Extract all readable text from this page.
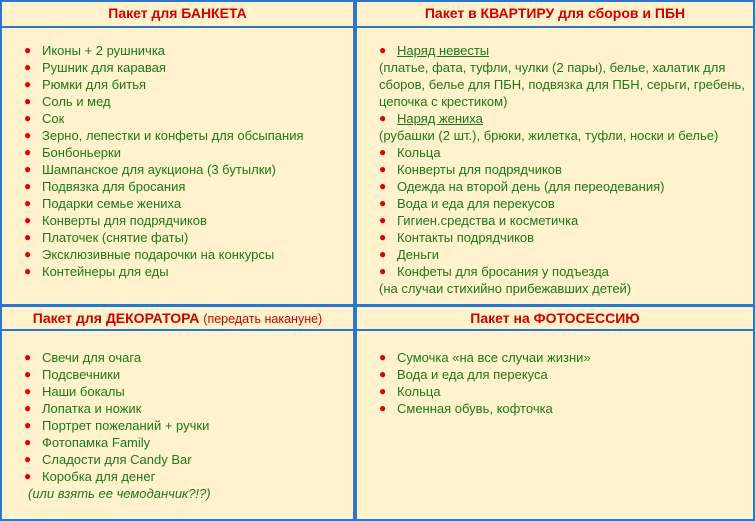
Пакет для БАНКЕТА
● Иконы + 2 рушничка
● Рушник для каравая
● Рюмки для битья
● Соль и мед
● Сок
● Зерно, лепестки и конфеты для обсыпания
● Бонбоньерки
● Шампанское для аукциона (3 бутылки)
● Подвязка для бросания
● Подарки семье жениха
● Конверты для подрядчиков
● Платочек (снятие фаты)
● Эксклюзивные подарочки на конкурсы
● Контейнеры для еды
Пакет в КВАРТИРУ для сборов и ПБН
● Наряд невесты
(платье, фата, туфли, чулки (2 пары), белье, халатик для сборов, белье для ПБН, подвязка для ПБН, серьги, гребень, цепочка с крестиком)
● Наряд жениха
(рубашки (2 шт.), брюки, жилетка, туфли, носки и белье)
● Кольца
● Конверты для подрядчиков
● Одежда на второй день (для переодевания)
● Вода и еда для перекусов
● Гигиен.средства и косметичка
● Контакты подрядчиков
● Деньги
● Конфеты для бросания у подъезда
(на случаи стихийно прибежавших детей)
Пакет для ДЕКОРАТОРА (передать накануне)
● Свечи для очага
● Подсвечники
● Наши бокалы
● Лопатка и ножик
● Портрет пожеланий + ручки
● Фотопамка Family
● Сладости для Candy Bar
● Коробка для денег
(или взять ее чемоданчик?!?)
Пакет на ФОТОСЕССИЮ
● Сумочка «на все случаи жизни»
● Вода и еда для перекуса
● Кольца
● Сменная обувь, кофточка
